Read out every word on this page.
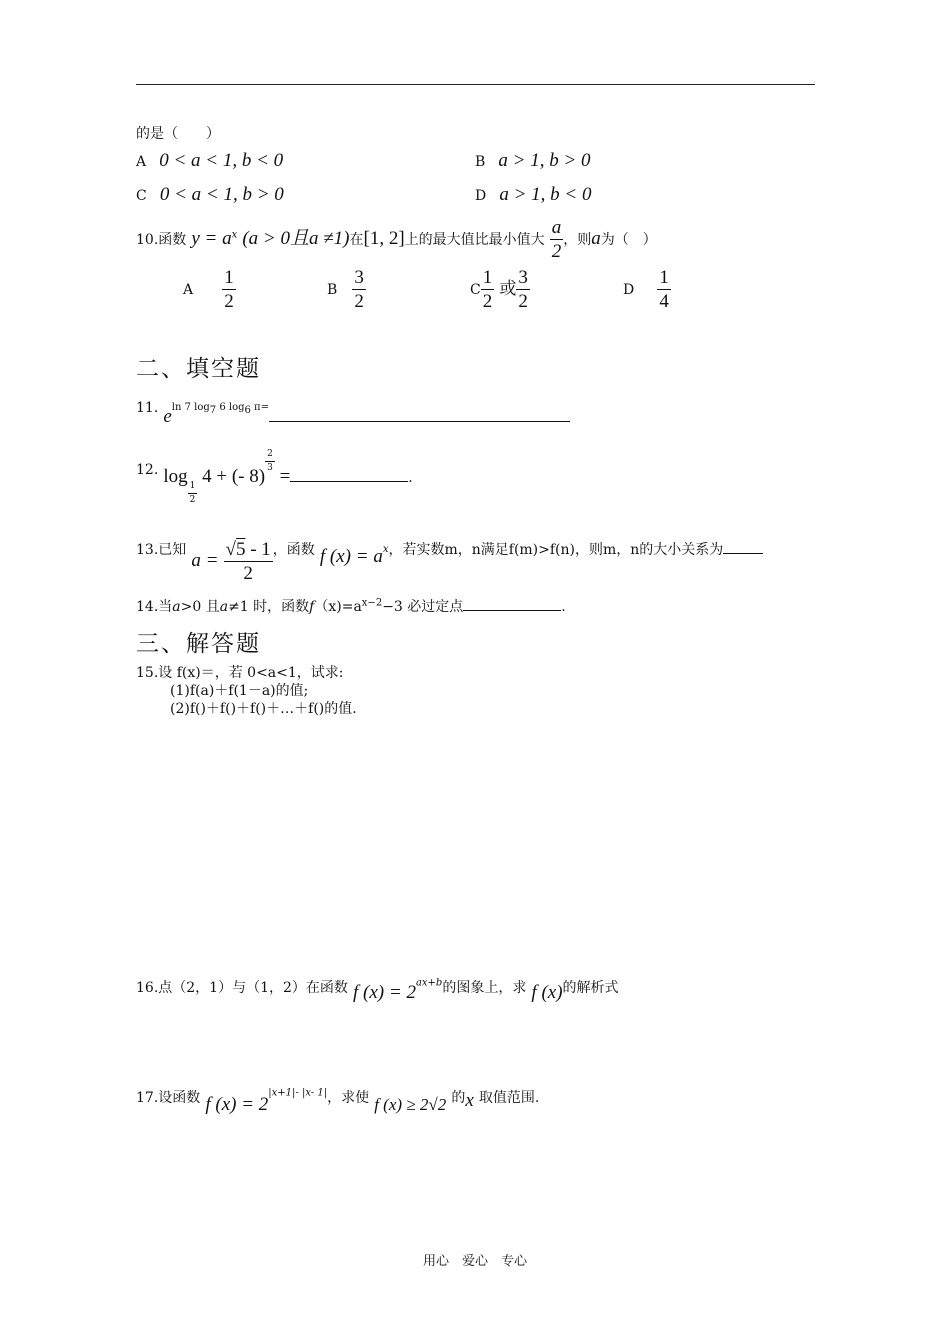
的是（　　）
A 0 < a < 1, b < 0	B a > 1, b > 0
C 0 < a < 1, b > 0	D a > 1, b < 0
10.函数 $y = a^x$ (a > 0且a ≠1)在[1, 2]上的最大值比最小值大 $\frac{a}{2}$ ，则a为（　）
A $\frac{1}{2}$	B $\frac{3}{2}$	C $\frac{1}{2}$ 或 $\frac{3}{2}$	D $\frac{1}{4}$
二、填空题
11. eln 7 log7 6 log6 π=
12. log
$\frac{1}{2}$
4 + (- 8)
$\frac{2}{3}$
=	.
13.已知 $a = \frac{√5 - 1}{2}$ ，函数 f $(x) = a^x$，若实数m，n满足f(m)>f(n)，则m，n的大小关系为
14.当a>0 且a≠1 时，函数$f(x)=a^{x-2}-3$ 必过定点	.
三、解答题
15.设 f(x)＝，若 0<a<1，试求:
(1)f(a)＋f(1－a)的值;
(2)f()＋f()＋f()＋…＋f()的值.
16.点（2，1）与（1，2）在函数 f $(x) = 2^{ax+b}$的图象上，求 f (x)的解析式
17.设函数 f $(x) = 2^{|x+1|- |x- 1|}$，求使 f (x) ≥ 2√2 的x 取值范围.
用心　爱心　专心
